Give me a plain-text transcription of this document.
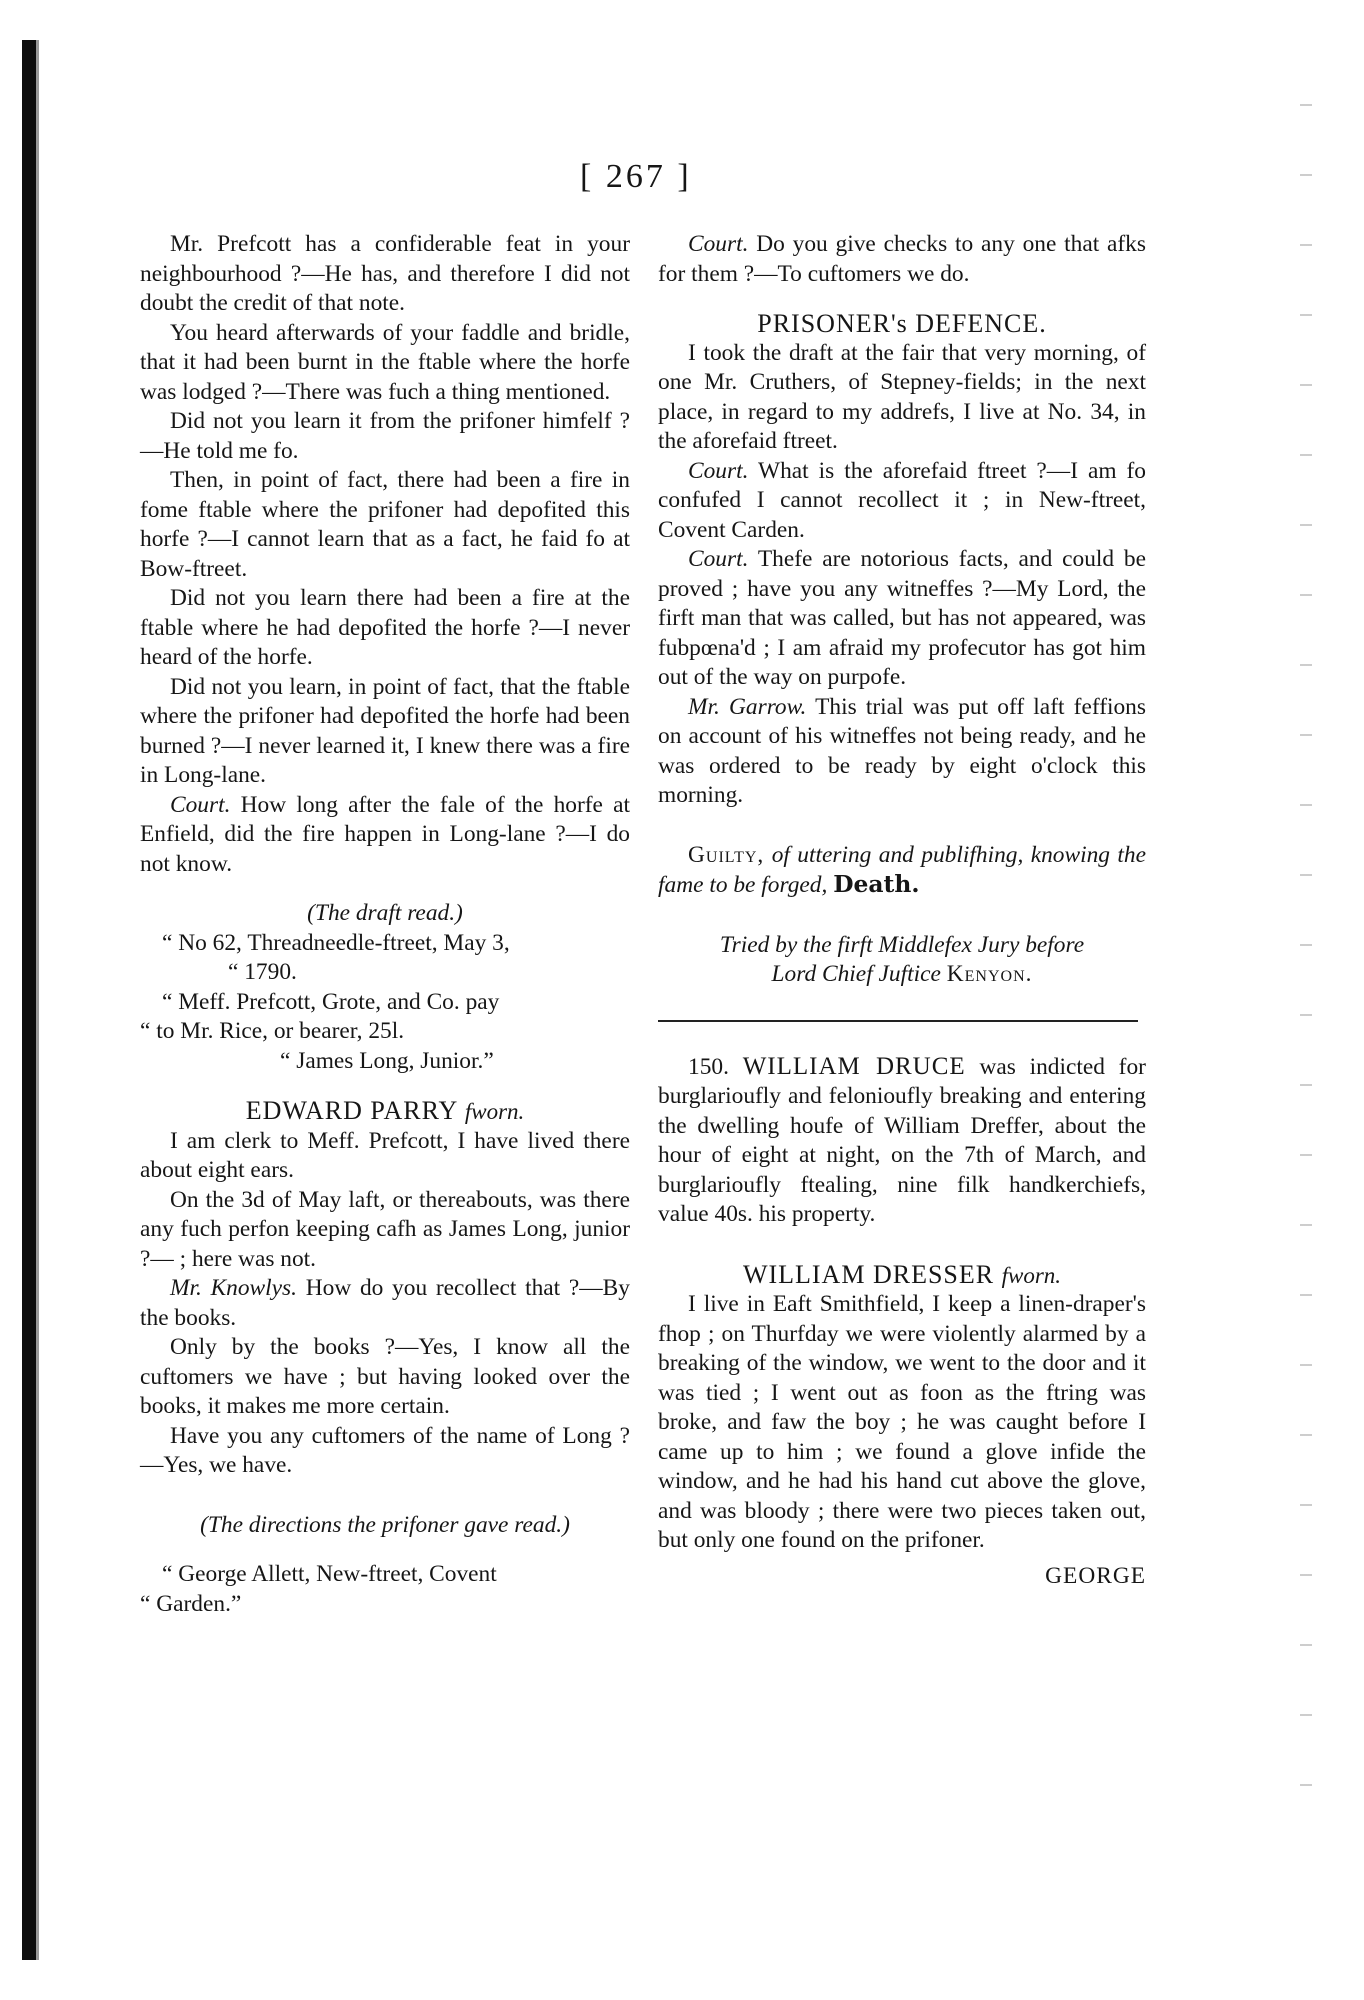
[ 267 ]

Mr. Prefcott has a confiderable feat in your neighbourhood ?—He has, and therefore I did not doubt the credit of that note.

You heard afterwards of your faddle and bridle, that it had been burnt in the ftable where the horfe was lodged ?—There was fuch a thing mentioned.

Did not you learn it from the prifoner himfelf ?—He told me fo.

Then, in point of fact, there had been a fire in fome ftable where the prifoner had depofited this horfe ?—I cannot learn that as a fact, he faid fo at Bow-ftreet.

Did not you learn there had been a fire at the ftable where he had depofited the horfe ?—I never heard of the horfe.

Did not you learn, in point of fact, that the ftable where the prifoner had depofited the horfe had been burned ?—I never learned it, I knew there was a fire in Long-lane.

Court. How long after the fale of the horfe at Enfield, did the fire happen in Long-lane ?—I do not know.

(The draft read.)

“ No 62, Threadneedle-ftreet, May 3,

“ 1790.

“ Meff. Prefcott, Grote, and Co. pay

“ to Mr. Rice, or bearer, 25l.

“ James Long, Junior.”

EDWARD PARRY fworn.

I am clerk to Meff. Prefcott, I have lived there about eight ears.

On the 3d of May laft, or thereabouts, was there any fuch perfon keeping cafh as James Long, junior ?— ; here was not.

Mr. Knowlys. How do you recollect that ?—By the books.

Only by the books ?—Yes, I know all the cuftomers we have ; but having looked over the books, it makes me more certain.

Have you any cuftomers of the name of Long ?—Yes, we have.

(The directions the prifoner gave read.)

“ George Allett, New-ftreet, Covent

“ Garden.”

Court. Do you give checks to any one that afks for them ?—To cuftomers we do.

PRISONER's DEFENCE.

I took the draft at the fair that very morning, of one Mr. Cruthers, of Stepney-fields; in the next place, in regard to my addrefs, I live at No. 34, in the aforefaid ftreet.

Court. What is the aforefaid ftreet ?—I am fo confufed I cannot recollect it ; in New-ftreet, Covent Carden.

Court. Thefe are notorious facts, and could be proved ; have you any witneffes ?—My Lord, the firft man that was called, but has not appeared, was fubpœna'd ; I am afraid my profecutor has got him out of the way on purpofe.

Mr. Garrow. This trial was put off laft feffions on account of his witneffes not being ready, and he was ordered to be ready by eight o'clock this morning.

Guilty, of uttering and publifhing, knowing the fame to be forged, Death.

Tried by the firft Middlefex Jury before

Lord Chief Juftice Kenyon.

150. WILLIAM DRUCE was indicted for burglarioufly and felonioufly breaking and entering the dwelling houfe of William Dreffer, about the hour of eight at night, on the 7th of March, and burglarioufly ftealing, nine filk handkerchiefs, value 40s. his property.

WILLIAM DRESSER fworn.

I live in Eaft Smithfield, I keep a linen-draper's fhop ; on Thurfday we were violently alarmed by a breaking of the window, we went to the door and it was tied ; I went out as foon as the ftring was broke, and faw the boy ; he was caught before I came up to him ; we found a glove infide the window, and he had his hand cut above the glove, and was bloody ; there were two pieces taken out, but only one found on the prifoner.

GEORGE
